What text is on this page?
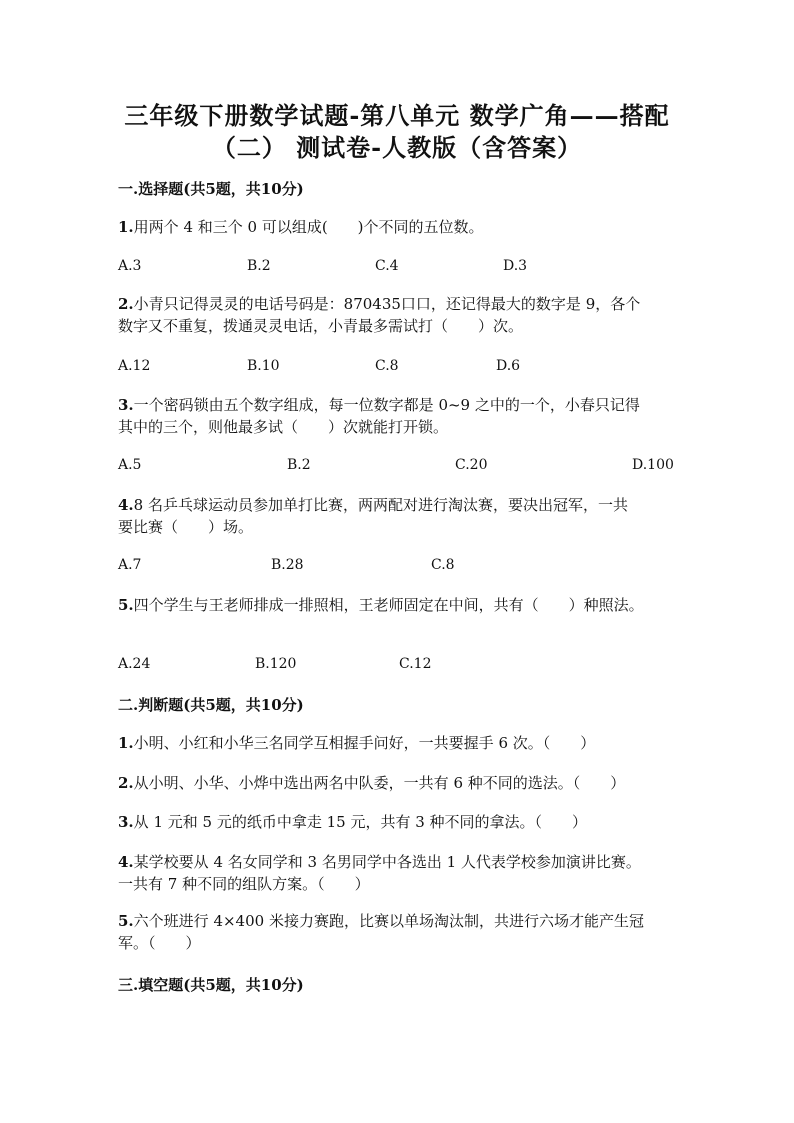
三年级下册数学试题-第八单元 数学广角——搭配
（二） 测试卷-人教版（含答案）
一.选择题(共5题，共10分)
1.用两个 4 和三个 0 可以组成(　　)个不同的五位数。
A.3	B.2	C.4	D.3
2.小青只记得灵灵的电话号码是：870435口口，还记得最大的数字是 9，各个
数字又不重复，拨通灵灵电话，小青最多需试打（　　）次。
A.12	B.10	C.8	D.6
3.一个密码锁由五个数字组成，每一位数字都是 0~9 之中的一个，小春只记得
其中的三个，则他最多试（　　）次就能打开锁。
A.5	B.2	C.20	D.100
4.8 名乒乓球运动员参加单打比赛，两两配对进行淘汰赛，要决出冠军，一共
要比赛（　　）场。
A.7	B.28	C.8
5.四个学生与王老师排成一排照相，王老师固定在中间，共有（　　）种照法。
A.24	B.120	C.12
二.判断题(共5题，共10分)
1.小明、小红和小华三名同学互相握手问好，一共要握手 6 次。（　　）
2.从小明、小华、小烨中选出两名中队委，一共有 6 种不同的选法。（　　）
3.从 1 元和 5 元的纸币中拿走 15 元，共有 3 种不同的拿法。（　　）
4.某学校要从 4 名女同学和 3 名男同学中各选出 1 人代表学校参加演讲比赛。
一共有 7 种不同的组队方案。（　　）
5.六个班进行 4×400 米接力赛跑，比赛以单场淘汰制，共进行六场才能产生冠
军。（　　）
三.填空题(共5题，共10分)
